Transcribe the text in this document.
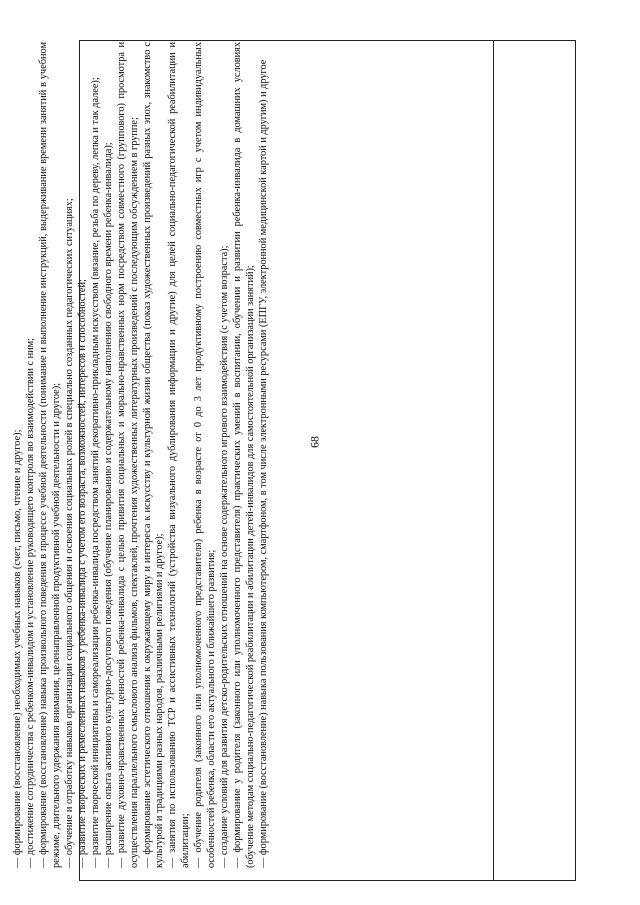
68

— формирование (восстановление) необходимых учебных навыков (счет, письмо, чтение и другое); — достижение сотрудничества с ребенком-инвалидом и установление руководящего контроля во взаимодействии с ним; — формирование (восстановление) навыка произвольного поведения в процессе учебной деятельности (понимание и выполнение инструкций, выдерживание времени занятий в учебном режиме, длительного удержания внимания, целенаправленной продуктивной учебной деятельности и другое); — обучение и отработку навыков организации социального общения и освоения социальных ролей в специально созданных педагогических ситуациях; — развитие творческих и ремесленных навыков у ребенка-инвалида с учетом его возраста, возможностей, интересов и способностей; — развитие творческой инициативы и самореализации ребенка-инвалида посредством занятий декоративно-прикладным искусством (вязание, резьба по дереву, лепка и так далее); — расширение опыта активного культурно-досугового поведения (обучение планированию и содержательному наполнению свободного времени ребенка-инвалида); — развитие духовно-нравственных ценностей ребенка-инвалида с целью привития социальных и морально-нравственных норм посредством совместного (группового) просмотра и осуществления параллельного смыслового анализа фильмов, спектаклей, прочтения художественных литературных произведений с последующим обсуждением в группе; — формирование эстетического отношения к окружающему миру и интереса к искусству и культурной жизни общества (показ художественных произведений разных эпох, знакомство с культурой и традициями разных народов, различными религиями и другое); — занятия по использованию ТСР и ассистивных технологий (устройства визуального дублирования информации и другие) для целей социально-педагогической реабилитации и абилитации; — обучение родителя (законного или уполномоченного представителя) ребенка в возрасте от 0 до 3 лет продуктивному построению совместных игр с учетом индивидуальных особенностей ребенка, области его актуального и ближайшего развития; — создание условий для развития детско-родительских отношений на основе содержательного игрового взаимодействия (с учетом возраста); — формирование у родителя (законного или уполномоченного представителя) практических умений в воспитании, обучении и развитии ребенка-инвалида в домашних условиях (обучение методам социально-педагогической реабилитации и абилитации детей-инвалидов для самостоятельной организации занятий); — формирование (восстановление) навыка пользования компьютером, смартфоном, в том числе электронными ресурсами (ЕПГУ, электронной медицинской картой и другим) и другое
